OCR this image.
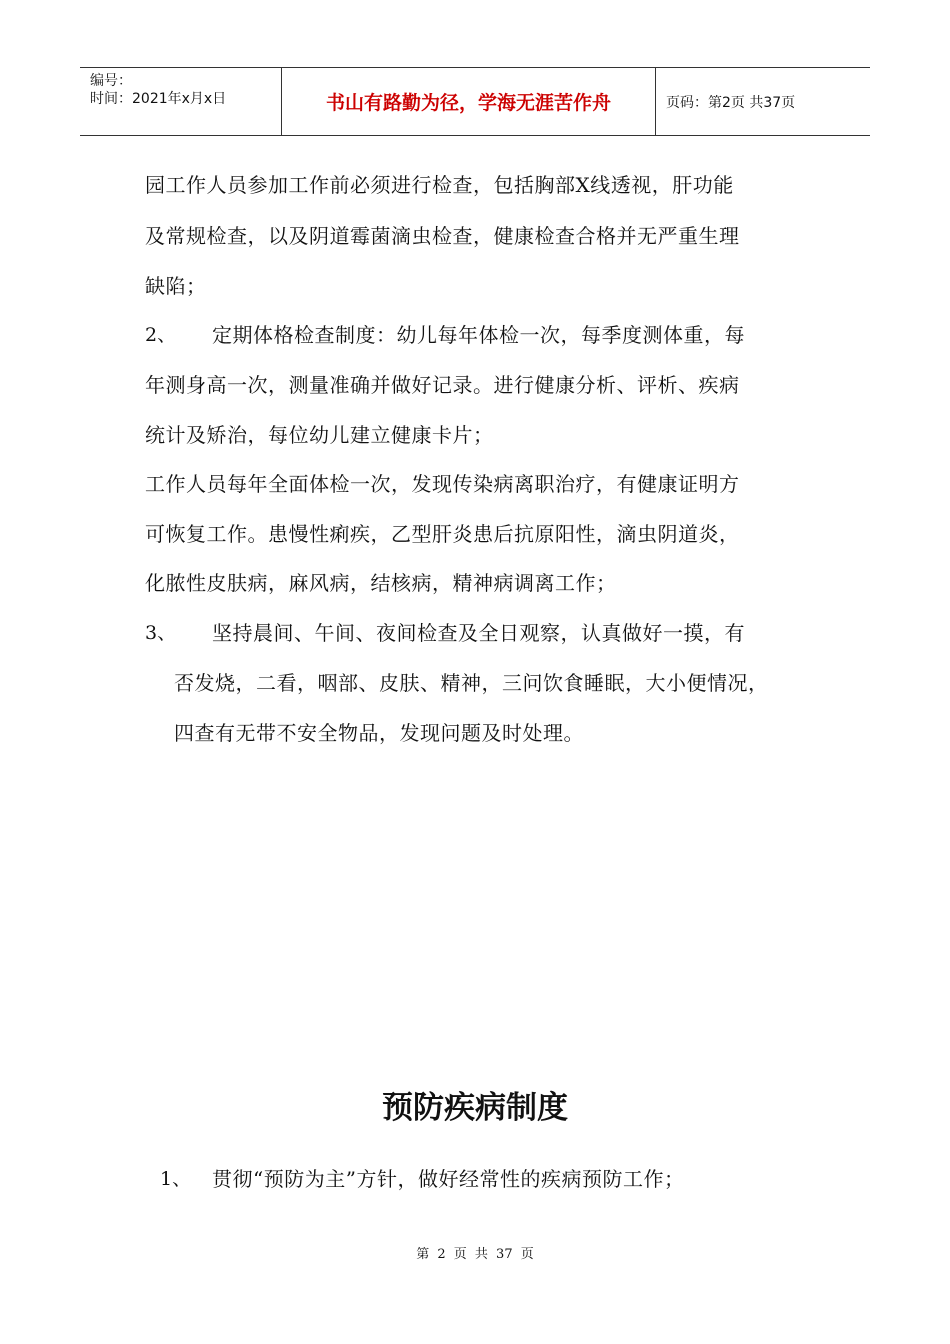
编号：
时间：2021年x月x日	书山有路勤为径，学海无涯苦作舟	页码：第2页 共37页
园工作人员参加工作前必须进行检查，包括胸部X线透视，肝功能
及常规检查，以及阴道霉菌滴虫检查，健康检查合格并无严重生理
缺陷；
2、 定期体格检查制度：幼儿每年体检一次，每季度测体重，每
年测身高一次，测量准确并做好记录。进行健康分析、评析、疾病
统计及矫治，每位幼儿建立健康卡片；
工作人员每年全面体检一次，发现传染病离职治疗，有健康证明方
可恢复工作。患慢性痢疾，乙型肝炎患后抗原阳性，滴虫阴道炎，
化脓性皮肤病，麻风病，结核病，精神病调离工作；
3、 坚持晨间、午间、夜间检查及全日观察，认真做好一摸，有
否发烧，二看，咽部、皮肤、精神，三问饮食睡眠，大小便情况，
四查有无带不安全物品，发现问题及时处理。
预防疾病制度
1、 贯彻“预防为主”方针，做好经常性的疾病预防工作；
第 2 页 共 37 页
